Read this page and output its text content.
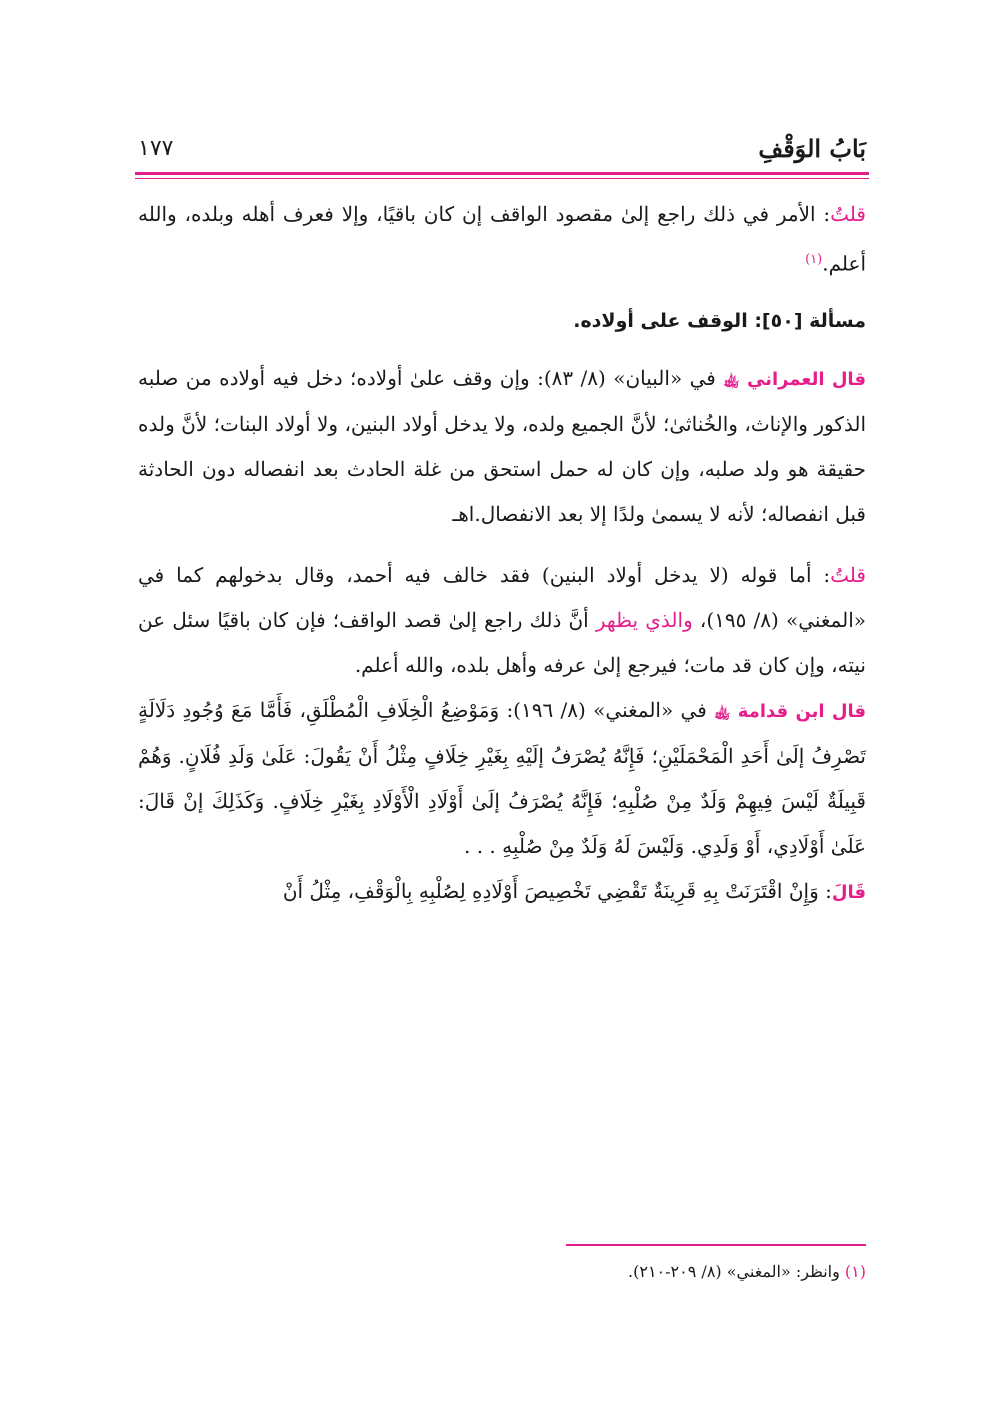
بَابُ الوَقْفِ
١٧٧

قلتُ: الأمر في ذلك راجع إلىٰ مقصود الواقف إن كان باقيًا، وإلا فعرف أهله وبلده، والله أعلم.$^{(١)}$

مسألة [٥٠]: الوقف على أولاده.

قال العمراني ﵀ في «البيان» (٨/ ٨٣): وإن وقف علىٰ أولاده؛ دخل فيه أولاده من صلبه الذكور والإناث، والخُناثىٰ؛ لأنَّ الجميع ولده، ولا يدخل أولاد البنين، ولا أولاد البنات؛ لأنَّ ولده حقيقة هو ولد صلبه، وإن كان له حمل استحق من غلة الحادث بعد انفصاله دون الحادثة قبل انفصاله؛ لأنه لا يسمىٰ ولدًا إلا بعد الانفصال.اهـ

قلتُ: أما قوله (لا يدخل أولاد البنين) فقد خالف فيه أحمد، وقال بدخولهم كما في «المغني» (٨/ ١٩٥)، والذي يظهر أنَّ ذلك راجع إلىٰ قصد الواقف؛ فإن كان باقيًا سئل عن نيته، وإن كان قد مات؛ فيرجع إلىٰ عرفه وأهل بلده، والله أعلم.

قال ابن قدامة ﵀ في «المغني» (٨/ ١٩٦): وَمَوْضِعُ الْخِلَافِ الْمُطْلَقِ، فَأَمَّا مَعَ وُجُودِ دَلَالَةٍ تَصْرِفُ إلَىٰ أَحَدِ الْمَحْمَلَيْنِ؛ فَإِنَّهُ يُصْرَفُ إلَيْهِ بِغَيْرِ خِلَافٍ مِثْلُ أَنْ يَقُولَ: عَلَىٰ وَلَدِ فُلَانٍ. وَهُمْ قَبِيلَةٌ لَيْسَ فِيهِمْ وَلَدٌ مِنْ صُلْبِهِ؛ فَإِنَّهُ يُصْرَفُ إلَىٰ أَوْلَادِ الْأَوْلَادِ بِغَيْرِ خِلَافٍ. وَكَذَلِكَ إنْ قَالَ: عَلَىٰ أَوْلَادِي، أَوْ وَلَدِي. وَلَيْسَ لَهُ وَلَدٌ مِنْ صُلْبِهِ . . .

قَالَ: وَإِنْ اقْتَرَنَتْ بِهِ قَرِينَةٌ تَقْضِي تَخْصِيصَ أَوْلَادِهِ لِصُلْبِهِ بِالْوَقْفِ، مِثْلُ أَنْ

(١) وانظر: «المغني» (٨/ ٢٠٩-٢١٠).
